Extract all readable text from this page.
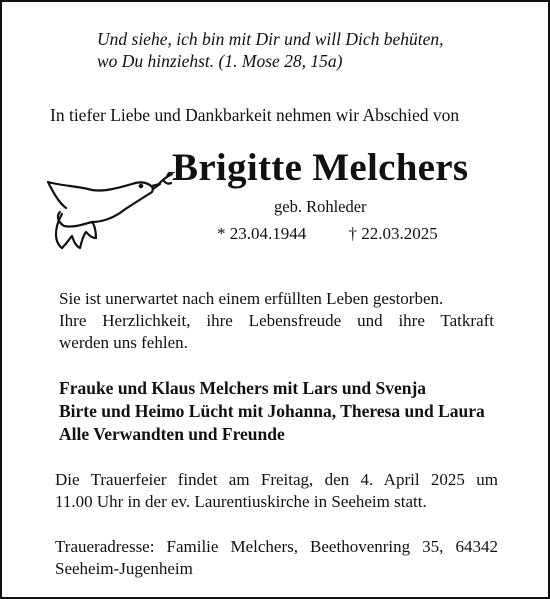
Und siehe, ich bin mit Dir und will Dich behüten,
wo Du hinziehst. (1. Mose 28, 15a)
In tiefer Liebe und Dankbarkeit nehmen wir Abschied von
Brigitte Melchers
geb. Rohleder
* 23.04.1944 † 22.03.2025
Sie ist unerwartet nach einem erfüllten Leben gestorben.
Ihre Herzlichkeit, ihre Lebensfreude und ihre Tatkraft
werden uns fehlen.
Frauke und Klaus Melchers mit Lars und Svenja
Birte und Heimo Lücht mit Johanna, Theresa und Laura
Alle Verwandten und Freunde
Die Trauerfeier findet am Freitag, den 4. April 2025 um
11.00 Uhr in der ev. Laurentiuskirche in Seeheim statt.
Traueradresse: Familie Melchers, Beethovenring 35, 64342
Seeheim-Jugenheim
